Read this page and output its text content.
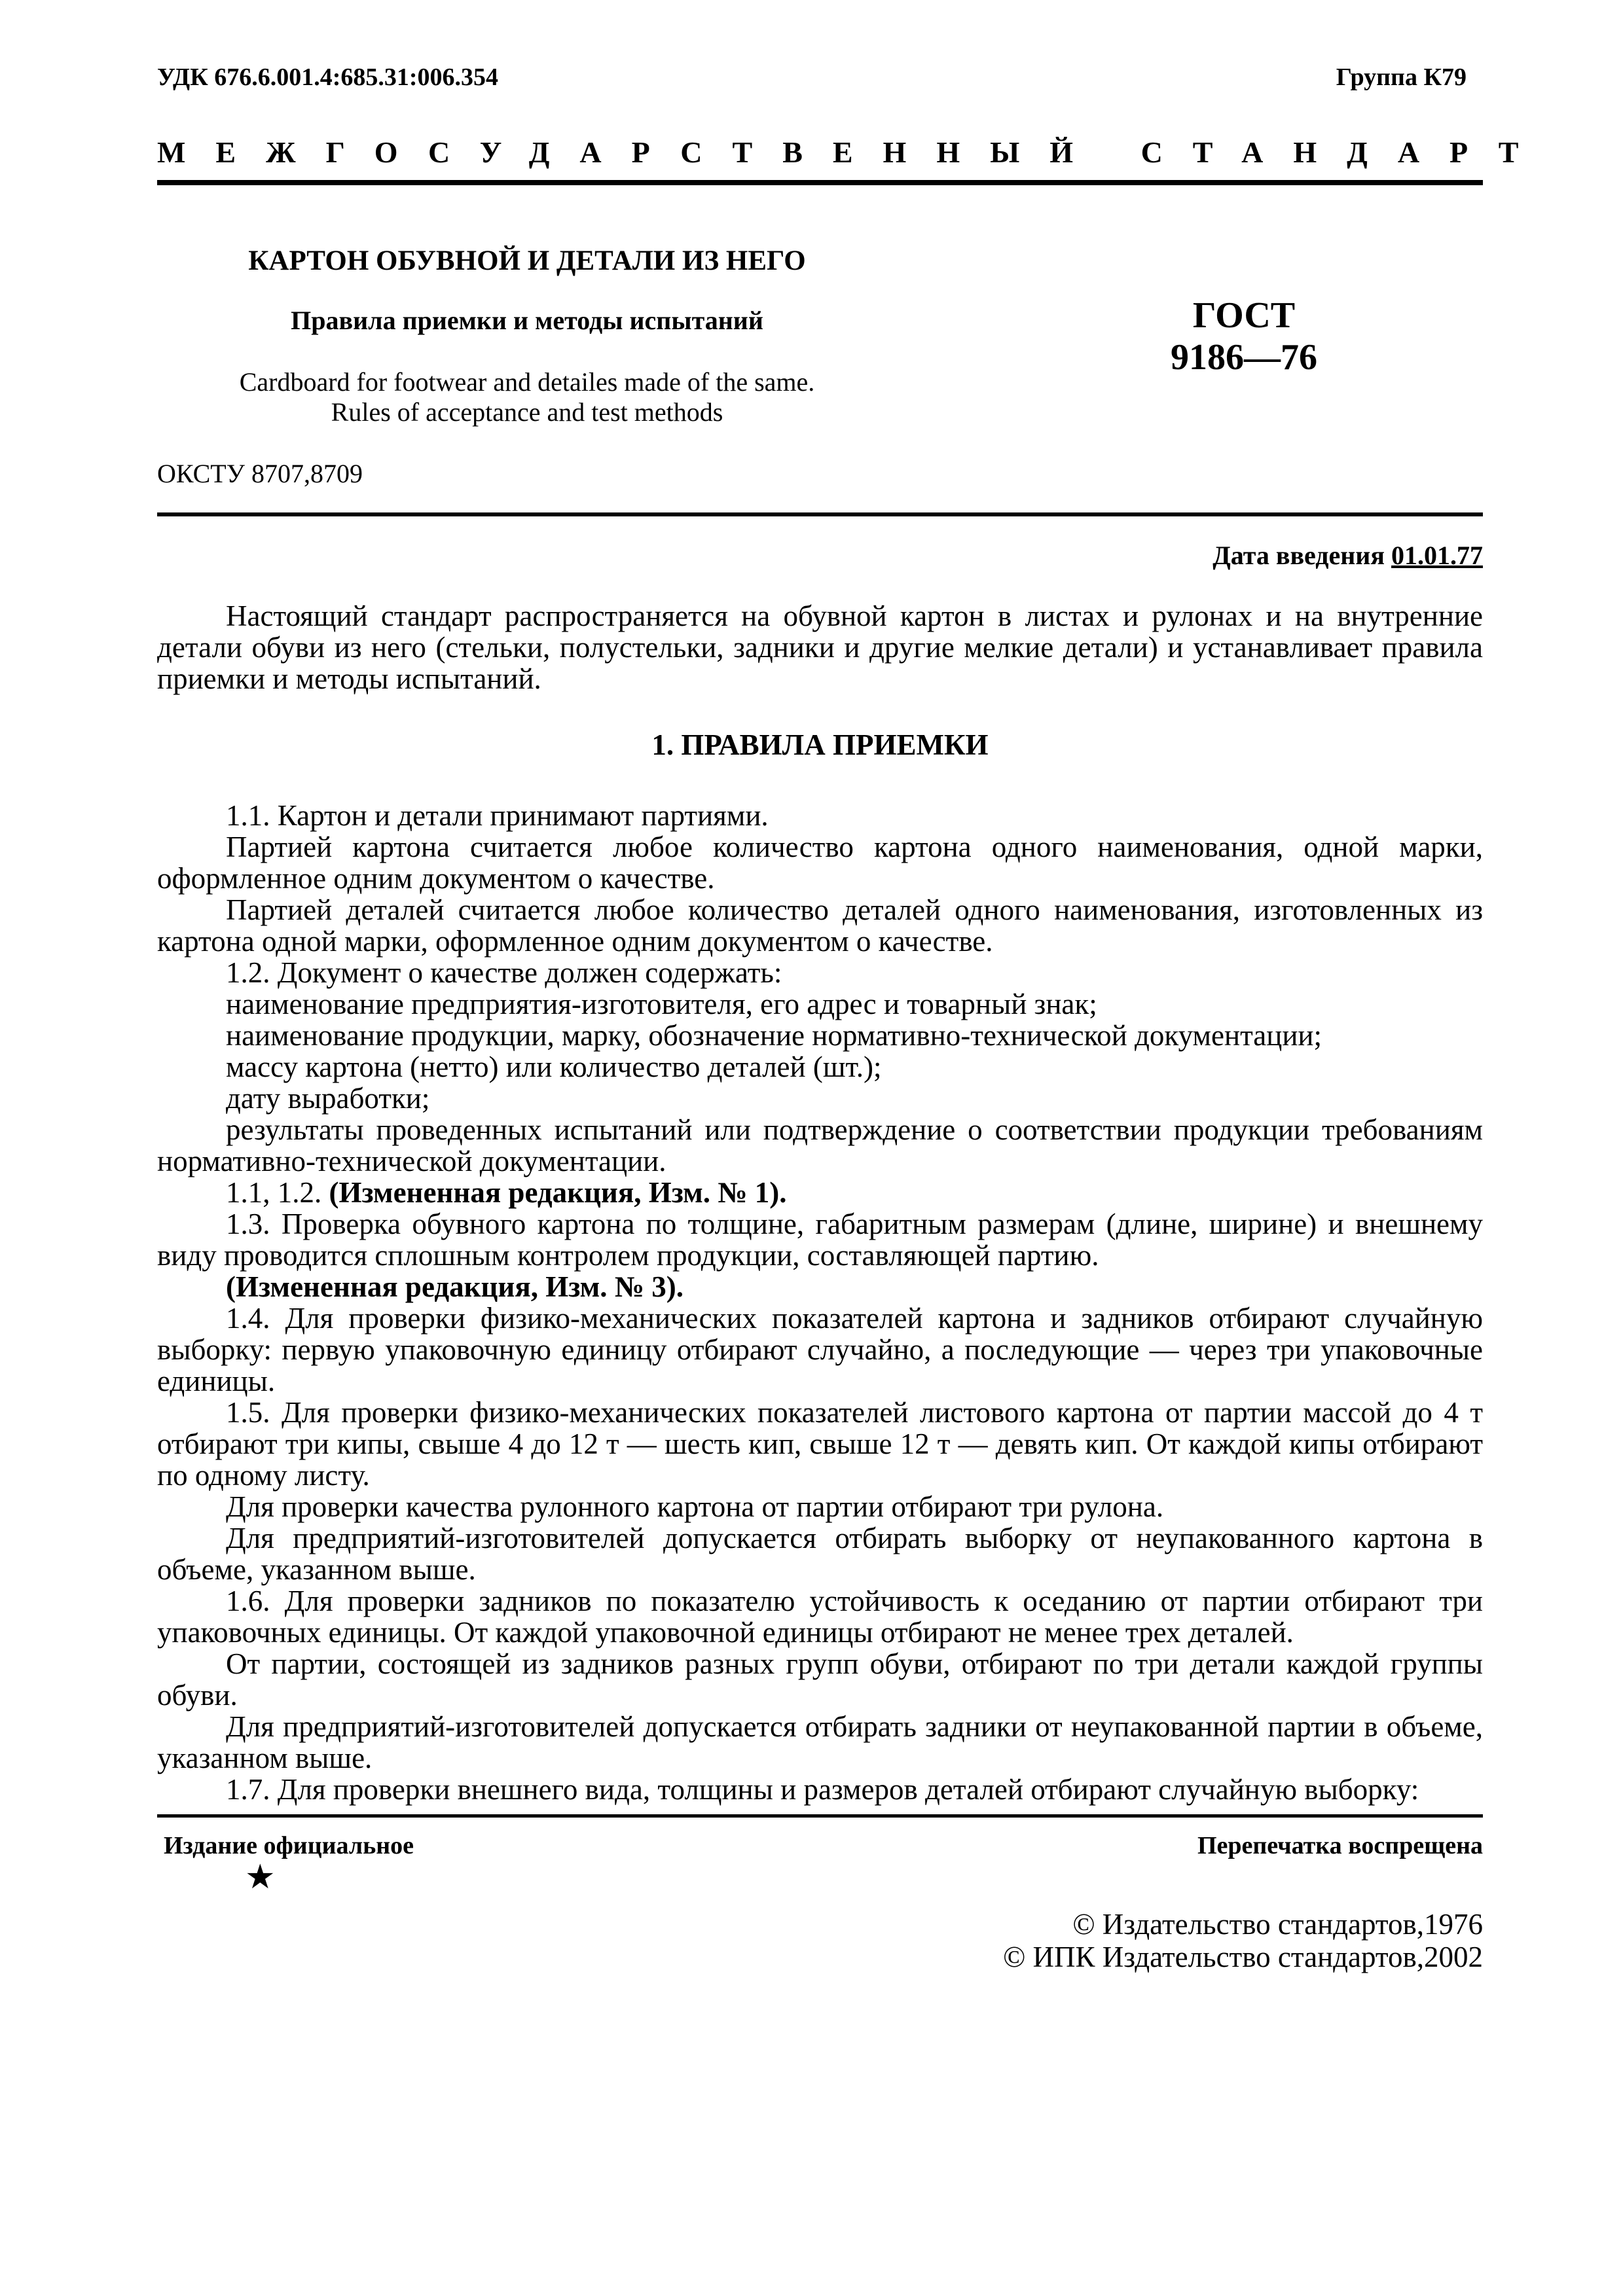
УДК 676.6.001.4:685.31:006.354	Группа К79
МЕЖГОСУДАРСТВЕННЫЙ СТАНДАРТ
КАРТОН ОБУВНОЙ И ДЕТАЛИ ИЗ НЕГО
Правила приемки и методы испытаний
Cardboard for footwear and detailes made of the same.
Rules of acceptance and test methods
ГОСТ
9186—76
ОКСТУ 8707,8709
Дата введения 01.01.77
Настоящий стандарт распространяется на обувной картон в листах и рулонах и на внутренние детали обуви из него (стельки, полустельки, задники и другие мелкие детали) и устанавливает правила приемки и методы испытаний.
1. ПРАВИЛА ПРИЕМКИ
1.1. Картон и детали принимают партиями.
Партией картона считается любое количество картона одного наименования, одной марки, оформленное одним документом о качестве.
Партией деталей считается любое количество деталей одного наименования, изготовленных из картона одной марки, оформленное одним документом о качестве.
1.2. Документ о качестве должен содержать:
наименование предприятия-изготовителя, его адрес и товарный знак;
наименование продукции, марку, обозначение нормативно-технической документации;
массу картона (нетто) или количество деталей (шт.);
дату выработки;
результаты проведенных испытаний или подтверждение о соответствии продукции требованиям нормативно-технической документации.
1.1, 1.2. (Измененная редакция, Изм. № 1).
1.3. Проверка обувного картона по толщине, габаритным размерам (длине, ширине) и внешнему виду проводится сплошным контролем продукции, составляющей партию.
(Измененная редакция, Изм. № 3).
1.4. Для проверки физико-механических показателей картона и задников отбирают случайную выборку: первую упаковочную единицу отбирают случайно, а последующие — через три упаковочные единицы.
1.5. Для проверки физико-механических показателей листового картона от партии массой до 4 т отбирают три кипы, свыше 4 до 12 т — шесть кип, свыше 12 т — девять кип. От каждой кипы отбирают по одному листу.
Для проверки качества рулонного картона от партии отбирают три рулона.
Для предприятий-изготовителей допускается отбирать выборку от неупакованного картона в объеме, указанном выше.
1.6. Для проверки задников по показателю устойчивость к оседанию от партии отбирают три упаковочных единицы. От каждой упаковочной единицы отбирают не менее трех деталей.
От партии, состоящей из задников разных групп обуви, отбирают по три детали каждой группы обуви.
Для предприятий-изготовителей допускается отбирать задники от неупакованной партии в объеме, указанном выше.
1.7. Для проверки внешнего вида, толщины и размеров деталей отбирают случайную выборку:
Издание официальное	Перепечатка воспрещена
★
© Издательство стандартов,1976
© ИПК Издательство стандартов,2002
